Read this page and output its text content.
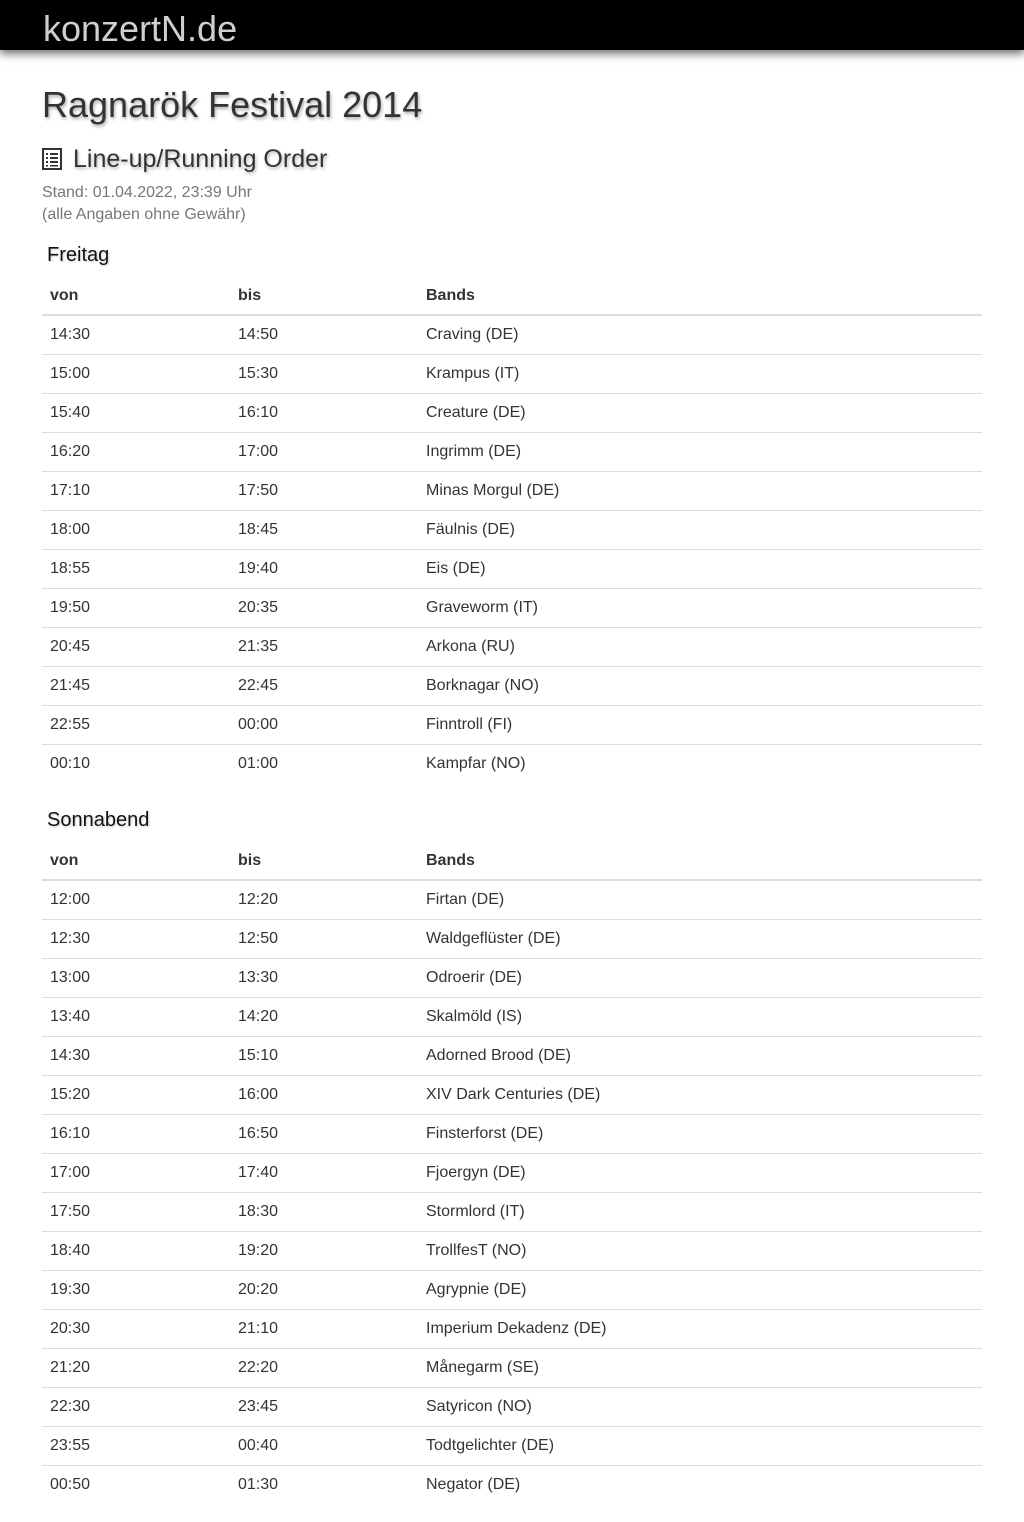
konzertN.de
Ragnarök Festival 2014
Line-up/Running Order
Stand: 01.04.2022, 23:39 Uhr
(alle Angaben ohne Gewähr)
Freitag
von	bis	Bands
14:30	14:50	Craving (DE)
15:00	15:30	Krampus (IT)
15:40	16:10	Creature (DE)
16:20	17:00	Ingrimm (DE)
17:10	17:50	Minas Morgul (DE)
18:00	18:45	Fäulnis (DE)
18:55	19:40	Eis (DE)
19:50	20:35	Graveworm (IT)
20:45	21:35	Arkona (RU)
21:45	22:45	Borknagar (NO)
22:55	00:00	Finntroll (FI)
00:10	01:00	Kampfar (NO)
Sonnabend
von	bis	Bands
12:00	12:20	Firtan (DE)
12:30	12:50	Waldgeflüster (DE)
13:00	13:30	Odroerir (DE)
13:40	14:20	Skalmöld (IS)
14:30	15:10	Adorned Brood (DE)
15:20	16:00	XIV Dark Centuries (DE)
16:10	16:50	Finsterforst (DE)
17:00	17:40	Fjoergyn (DE)
17:50	18:30	Stormlord (IT)
18:40	19:20	TrollfesT (NO)
19:30	20:20	Agrypnie (DE)
20:30	21:10	Imperium Dekadenz (DE)
21:20	22:20	Månegarm (SE)
22:30	23:45	Satyricon (NO)
23:55	00:40	Todtgelichter (DE)
00:50	01:30	Negator (DE)
